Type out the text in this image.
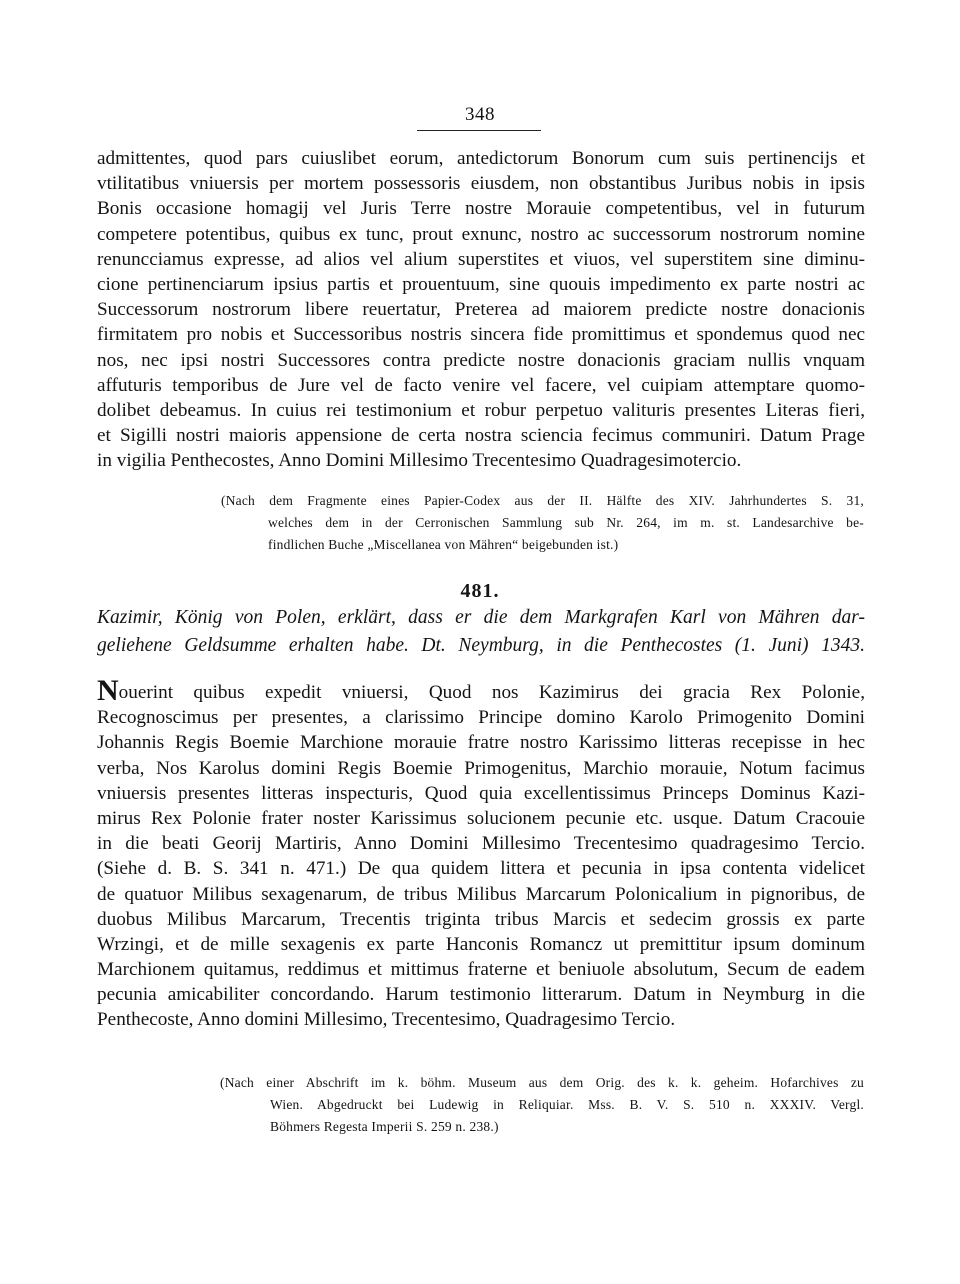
348
admittentes, quod pars cuiuslibet eorum, antedictorum Bonorum cum suis pertinencijs et
vtilitatibus vniuersis per mortem possessoris eiusdem, non obstantibus Juribus nobis in ipsis
Bonis occasione homagij vel Juris Terre nostre Morauie competentibus, vel in futurum
competere potentibus, quibus ex tunc, prout exnunc, nostro ac successorum nostrorum nomine
renuncciamus expresse, ad alios vel alium superstites et viuos, vel superstitem sine diminu-
cione pertinenciarum ipsius partis et prouentuum, sine quouis impedimento ex parte nostri ac
Successorum nostrorum libere reuertatur, Preterea ad maiorem predicte nostre donacionis
firmitatem pro nobis et Successoribus nostris sincera fide promittimus et spondemus quod nec
nos, nec ipsi nostri Successores contra predicte nostre donacionis graciam nullis vnquam
affuturis temporibus de Jure vel de facto venire vel facere, vel cuipiam attemptare quomo-
dolibet debeamus. In cuius rei testimonium et robur perpetuo valituris presentes Literas fieri,
et Sigilli nostri maioris appensione de certa nostra sciencia fecimus communiri. Datum Prage
in vigilia Penthecostes, Anno Domini Millesimo Trecentesimo Quadragesimotercio.
(Nach dem Fragmente eines Papier-Codex aus der II. Hälfte des XIV. Jahrhundertes S. 31,
welches dem in der Cerronischen Sammlung sub Nr. 264, im m. st. Landesarchive be-
findlichen Buche „Miscellanea von Mähren“ beigebunden ist.)
481.
Kazimir, König von Polen, erklärt, dass er die dem Markgrafen Karl von Mähren dar-
geliehene Geldsumme erhalten habe. Dt. Neymburg, in die Penthecostes (1. Juni) 1343.
Nouerint quibus expedit vniuersi, Quod nos Kazimirus dei gracia Rex Polonie,
Recognoscimus per presentes, a clarissimo Principe domino Karolo Primogenito Domini
Johannis Regis Boemie Marchione morauie fratre nostro Karissimo litteras recepisse in hec
verba, Nos Karolus domini Regis Boemie Primogenitus, Marchio morauie, Notum facimus
vniuersis presentes litteras inspecturis, Quod quia excellentissimus Princeps Dominus Kazi-
mirus Rex Polonie frater noster Karissimus solucionem pecunie etc. usque. Datum Cracouie
in die beati Georij Martiris, Anno Domini Millesimo Trecentesimo quadragesimo Tercio.
(Siehe d. B. S. 341 n. 471.) De qua quidem littera et pecunia in ipsa contenta videlicet
de quatuor Milibus sexagenarum, de tribus Milibus Marcarum Polonicalium in pignoribus, de
duobus Milibus Marcarum, Trecentis triginta tribus Marcis et sedecim grossis ex parte
Wrzingi, et de mille sexagenis ex parte Hanconis Romancz ut premittitur ipsum dominum
Marchionem quitamus, reddimus et mittimus fraterne et beniuole absolutum, Secum de eadem
pecunia amicabiliter concordando. Harum testimonio litterarum. Datum in Neymburg in die
Penthecoste, Anno domini Millesimo, Trecentesimo, Quadragesimo Tercio.
(Nach einer Abschrift im k. böhm. Museum aus dem Orig. des k. k. geheim. Hofarchives zu
Wien. Abgedruckt bei Ludewig in Reliquiar. Mss. B. V. S. 510 n. XXXIV. Vergl.
Böhmers Regesta Imperii S. 259 n. 238.)
